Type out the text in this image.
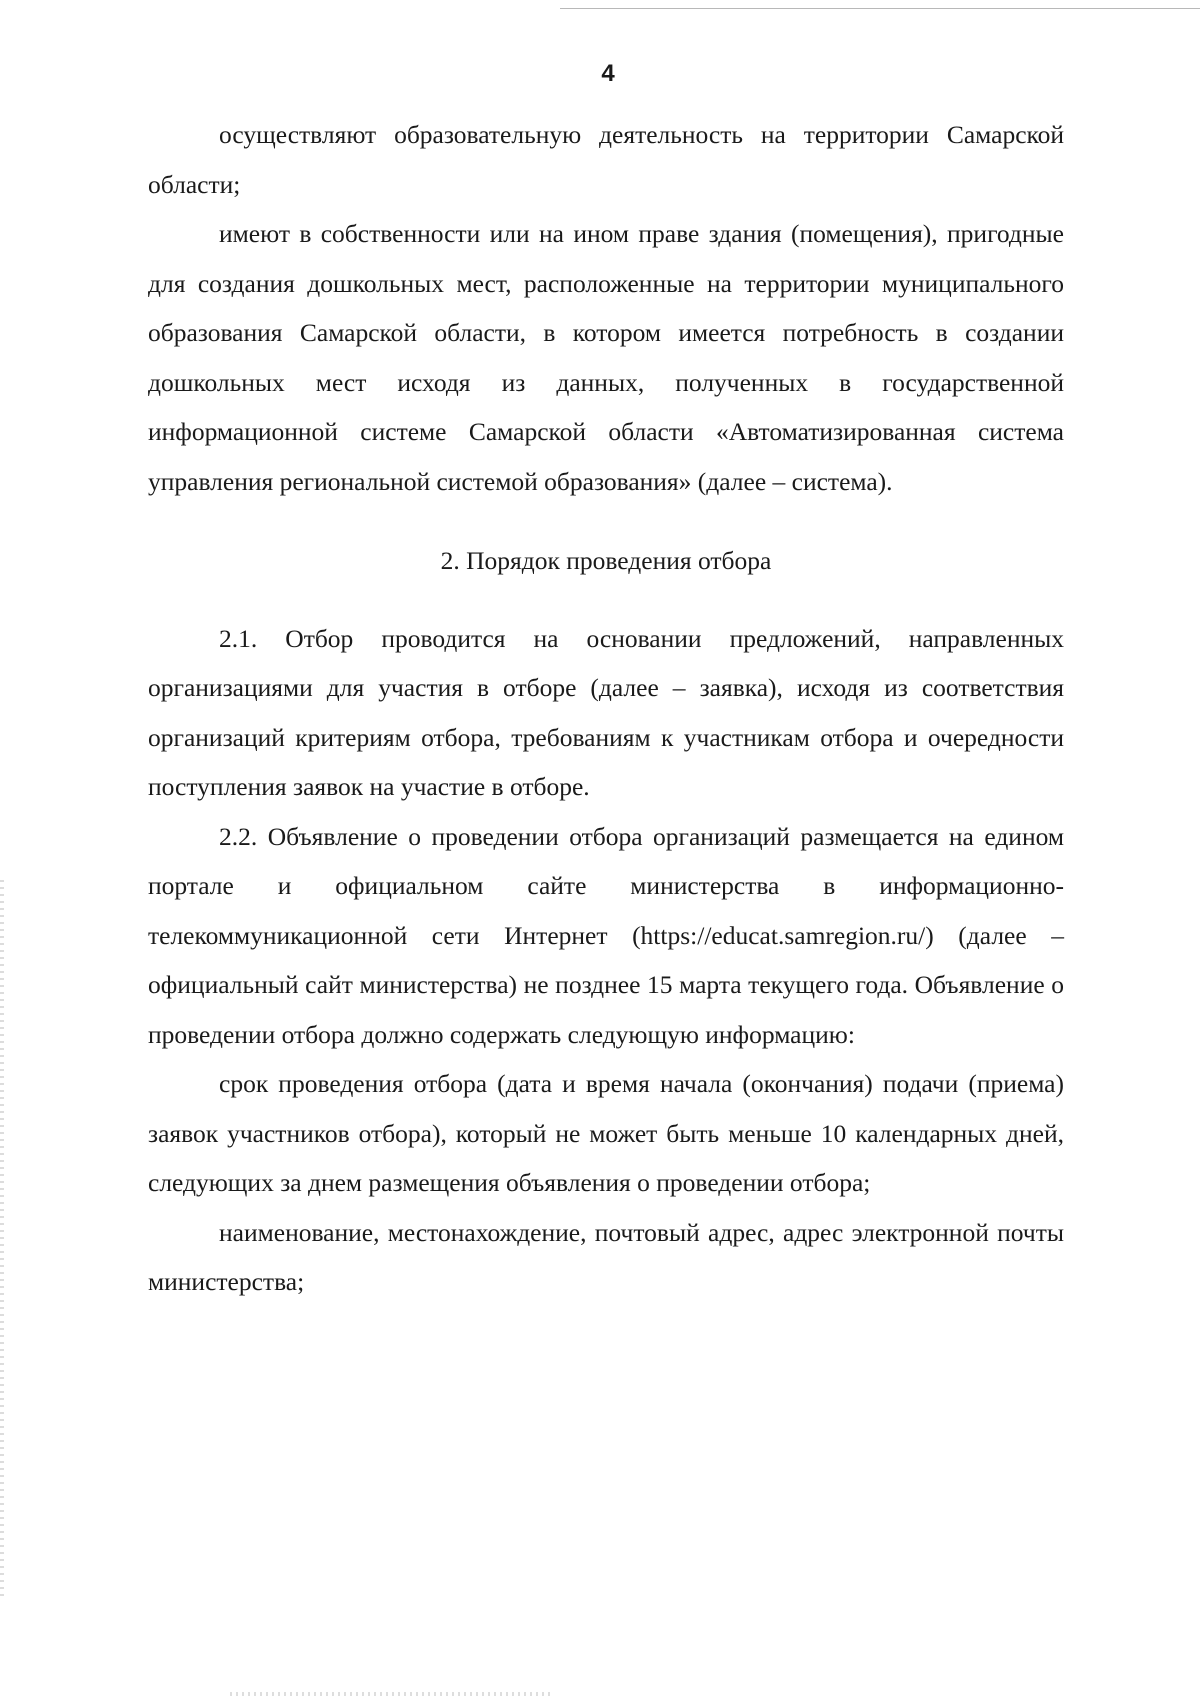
4

осуществляют образовательную деятельность на территории Самарской области;

имеют в собственности или на ином праве здания (помещения), пригодные для создания дошкольных мест, расположенные на территории муниципального образования Самарской области, в котором имеется потребность в создании дошкольных мест исходя из данных, полученных в государственной информационной системе Самарской области «Автоматизированная система управления региональной системой образования» (далее – система).

2. Порядок проведения отбора

2.1. Отбор проводится на основании предложений, направленных организациями для участия в отборе (далее – заявка), исходя из соответствия организаций критериям отбора, требованиям к участникам отбора и очередности поступления заявок на участие в отборе.

2.2. Объявление о проведении отбора организаций размещается на едином портале и официальном сайте министерства в информационно-телекоммуникационной сети Интернет (https://educat.samregion.ru/) (далее – официальный сайт министерства) не позднее 15 марта текущего года. Объявление о проведении отбора должно содержать следующую информацию:

срок проведения отбора (дата и время начала (окончания) подачи (приема) заявок участников отбора), который не может быть меньше 10 календарных дней, следующих за днем размещения объявления о проведении отбора;

наименование, местонахождение, почтовый адрес, адрес электронной почты министерства;
